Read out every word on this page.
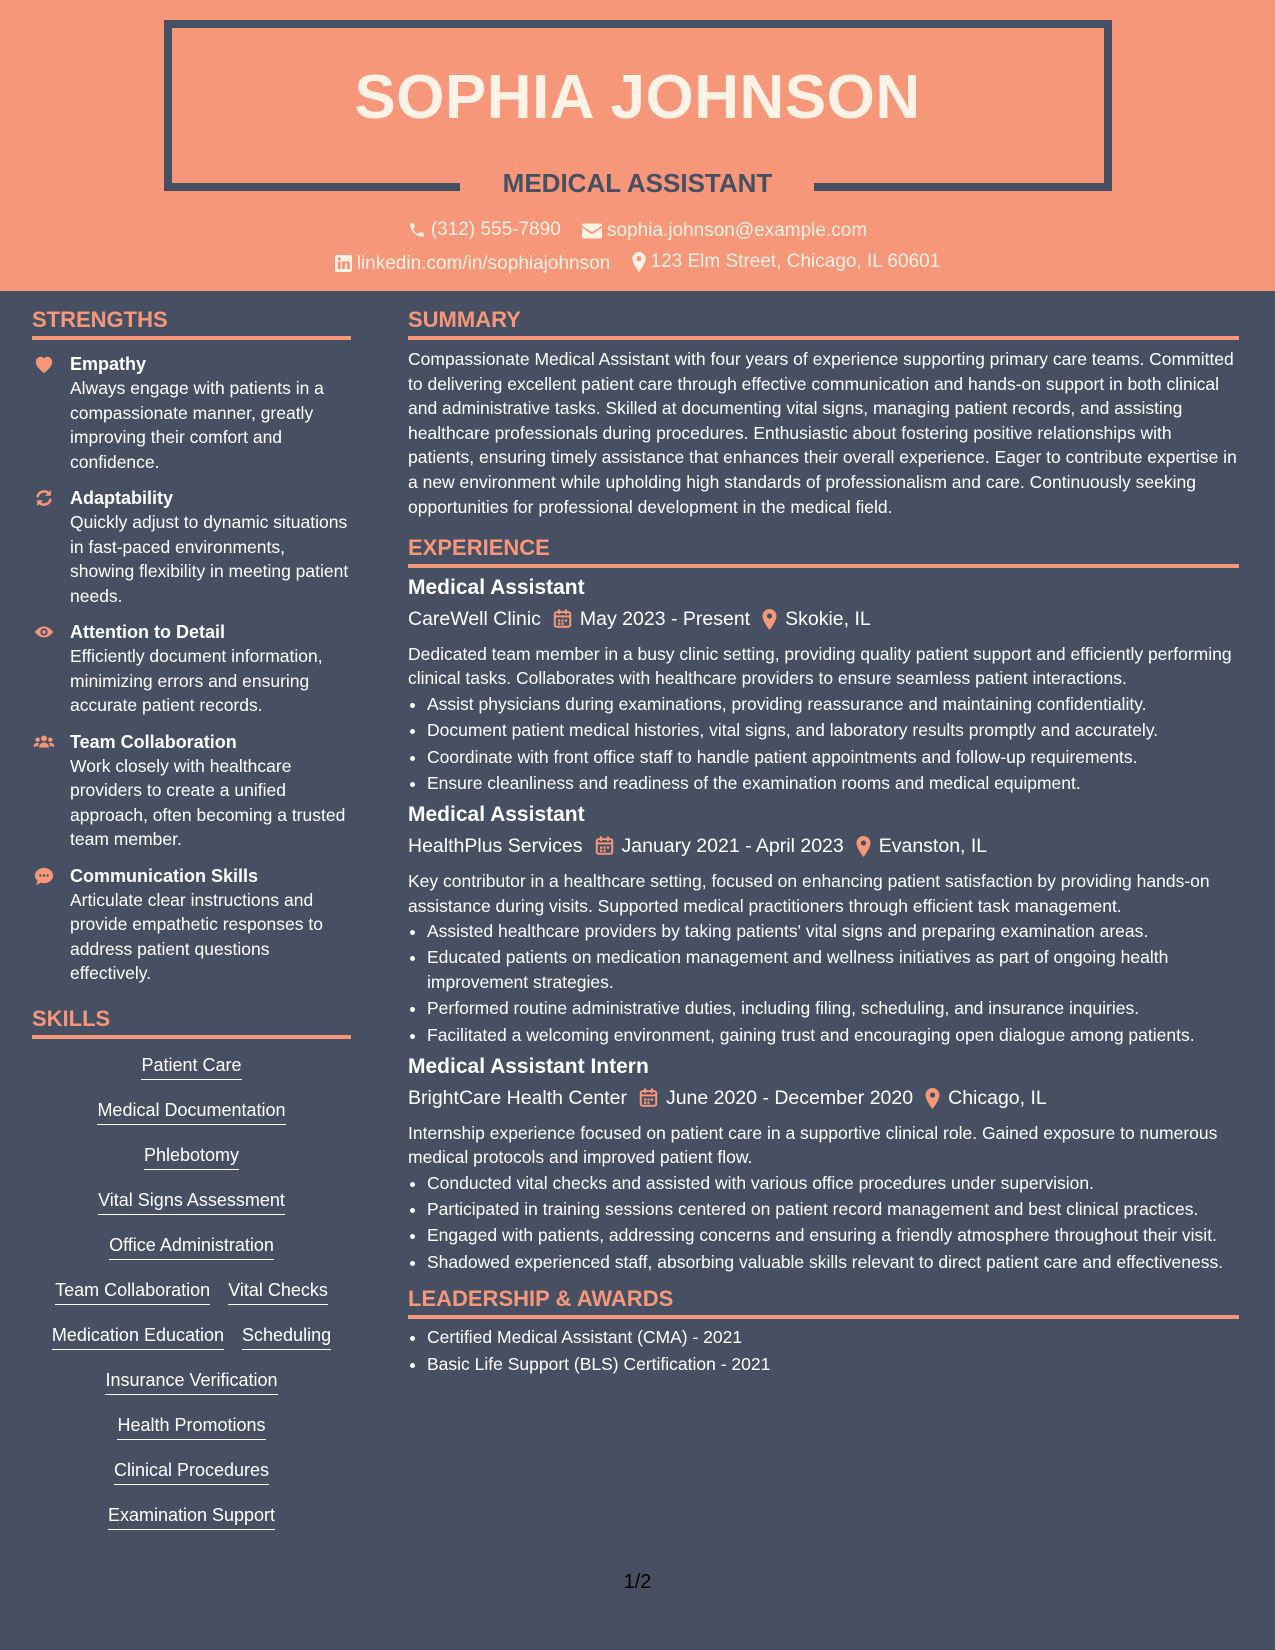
SOPHIA JOHNSON
MEDICAL ASSISTANT
(312) 555-7890
sophia.johnson@example.com
linkedin.com/in/sophiajohnson
123 Elm Street, Chicago, IL 60601
STRENGTHS
Empathy
Always engage with patients in a compassionate manner, greatly improving their comfort and confidence.
Adaptability
Quickly adjust to dynamic situations in fast-paced environments, showing flexibility in meeting patient needs.
Attention to Detail
Efficiently document information, minimizing errors and ensuring accurate patient records.
Team Collaboration
Work closely with healthcare providers to create a unified approach, often becoming a trusted team member.
Communication Skills
Articulate clear instructions and provide empathetic responses to address patient questions effectively.
SKILLS
Patient Care
Medical Documentation
Phlebotomy
Vital Signs Assessment
Office Administration
Team Collaboration Vital Checks
Medication Education Scheduling
Insurance Verification
Health Promotions
Clinical Procedures
Examination Support
SUMMARY
Compassionate Medical Assistant with four years of experience supporting primary care teams. Committed to delivering excellent patient care through effective communication and hands-on support in both clinical and administrative tasks. Skilled at documenting vital signs, managing patient records, and assisting healthcare professionals during procedures. Enthusiastic about fostering positive relationships with patients, ensuring timely assistance that enhances their overall experience. Eager to contribute expertise in a new environment while upholding high standards of professionalism and care. Continuously seeking opportunities for professional development in the medical field.
EXPERIENCE
Medical Assistant
CareWell Clinic May 2023 - Present Skokie, IL
Dedicated team member in a busy clinic setting, providing quality patient support and efficiently performing clinical tasks. Collaborates with healthcare providers to ensure seamless patient interactions.
• Assist physicians during examinations, providing reassurance and maintaining confidentiality.
• Document patient medical histories, vital signs, and laboratory results promptly and accurately.
• Coordinate with front office staff to handle patient appointments and follow-up requirements.
• Ensure cleanliness and readiness of the examination rooms and medical equipment.
Medical Assistant
HealthPlus Services January 2021 - April 2023 Evanston, IL
Key contributor in a healthcare setting, focused on enhancing patient satisfaction by providing hands-on assistance during visits. Supported medical practitioners through efficient task management.
• Assisted healthcare providers by taking patients' vital signs and preparing examination areas.
• Educated patients on medication management and wellness initiatives as part of ongoing health improvement strategies.
• Performed routine administrative duties, including filing, scheduling, and insurance inquiries.
• Facilitated a welcoming environment, gaining trust and encouraging open dialogue among patients.
Medical Assistant Intern
BrightCare Health Center June 2020 - December 2020 Chicago, IL
Internship experience focused on patient care in a supportive clinical role. Gained exposure to numerous medical protocols and improved patient flow.
• Conducted vital checks and assisted with various office procedures under supervision.
• Participated in training sessions centered on patient record management and best clinical practices.
• Engaged with patients, addressing concerns and ensuring a friendly atmosphere throughout their visit.
• Shadowed experienced staff, absorbing valuable skills relevant to direct patient care and effectiveness.
LEADERSHIP & AWARDS
• Certified Medical Assistant (CMA) - 2021
• Basic Life Support (BLS) Certification - 2021
1/2
